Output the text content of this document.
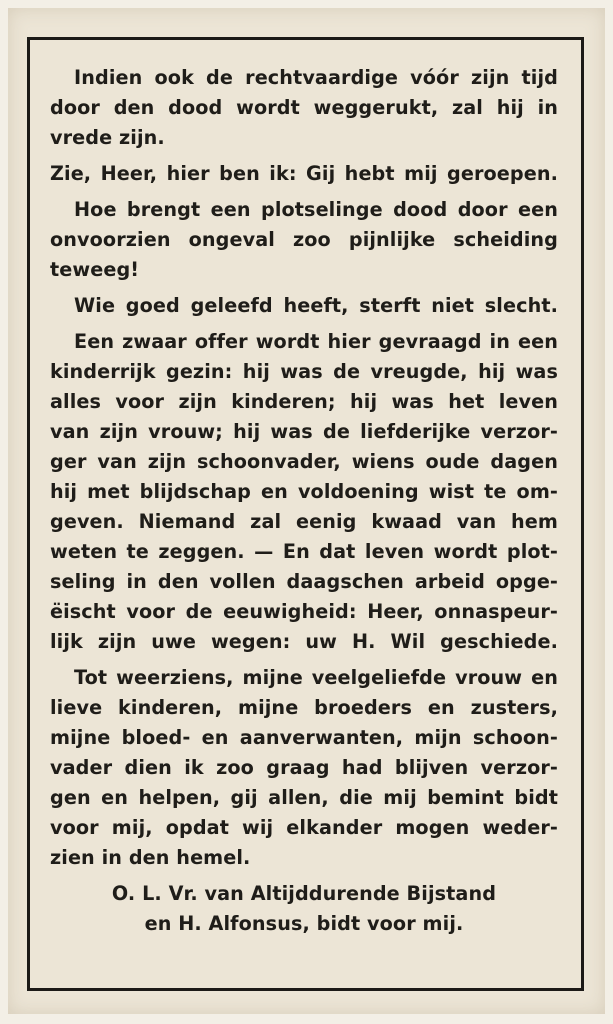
Indien ook de rechtvaardige vóór zijn tijd
door den dood wordt weggerukt, zal hij in
vrede zijn.
Zie, Heer, hier ben ik: Gij hebt mij geroepen.
Hoe brengt een plotselinge dood door een
onvoorzien ongeval zoo pijnlijke scheiding
teweeg!
Wie goed geleefd heeft, sterft niet slecht.
Een zwaar offer wordt hier gevraagd in een
kinderrijk gezin: hij was de vreugde, hij was
alles voor zijn kinderen; hij was het leven
van zijn vrouw; hij was de liefderijke verzor-
ger van zijn schoonvader, wiens oude dagen
hij met blijdschap en voldoening wist te om-
geven. Niemand zal eenig kwaad van hem
weten te zeggen. — En dat leven wordt plot-
seling in den vollen daagschen arbeid opge-
ëischt voor de eeuwigheid: Heer, onnaspeur-
lijk zijn uwe wegen: uw H. Wil geschiede.
Tot weerziens, mijne veelgeliefde vrouw en
lieve kinderen, mijne broeders en zusters,
mijne bloed- en aanverwanten, mijn schoon-
vader dien ik zoo graag had blijven verzor-
gen en helpen, gij allen, die mij bemint bidt
voor mij, opdat wij elkander mogen weder-
zien in den hemel.
O. L. Vr. van Altijddurende Bijstand
en H. Alfonsus, bidt voor mij.
